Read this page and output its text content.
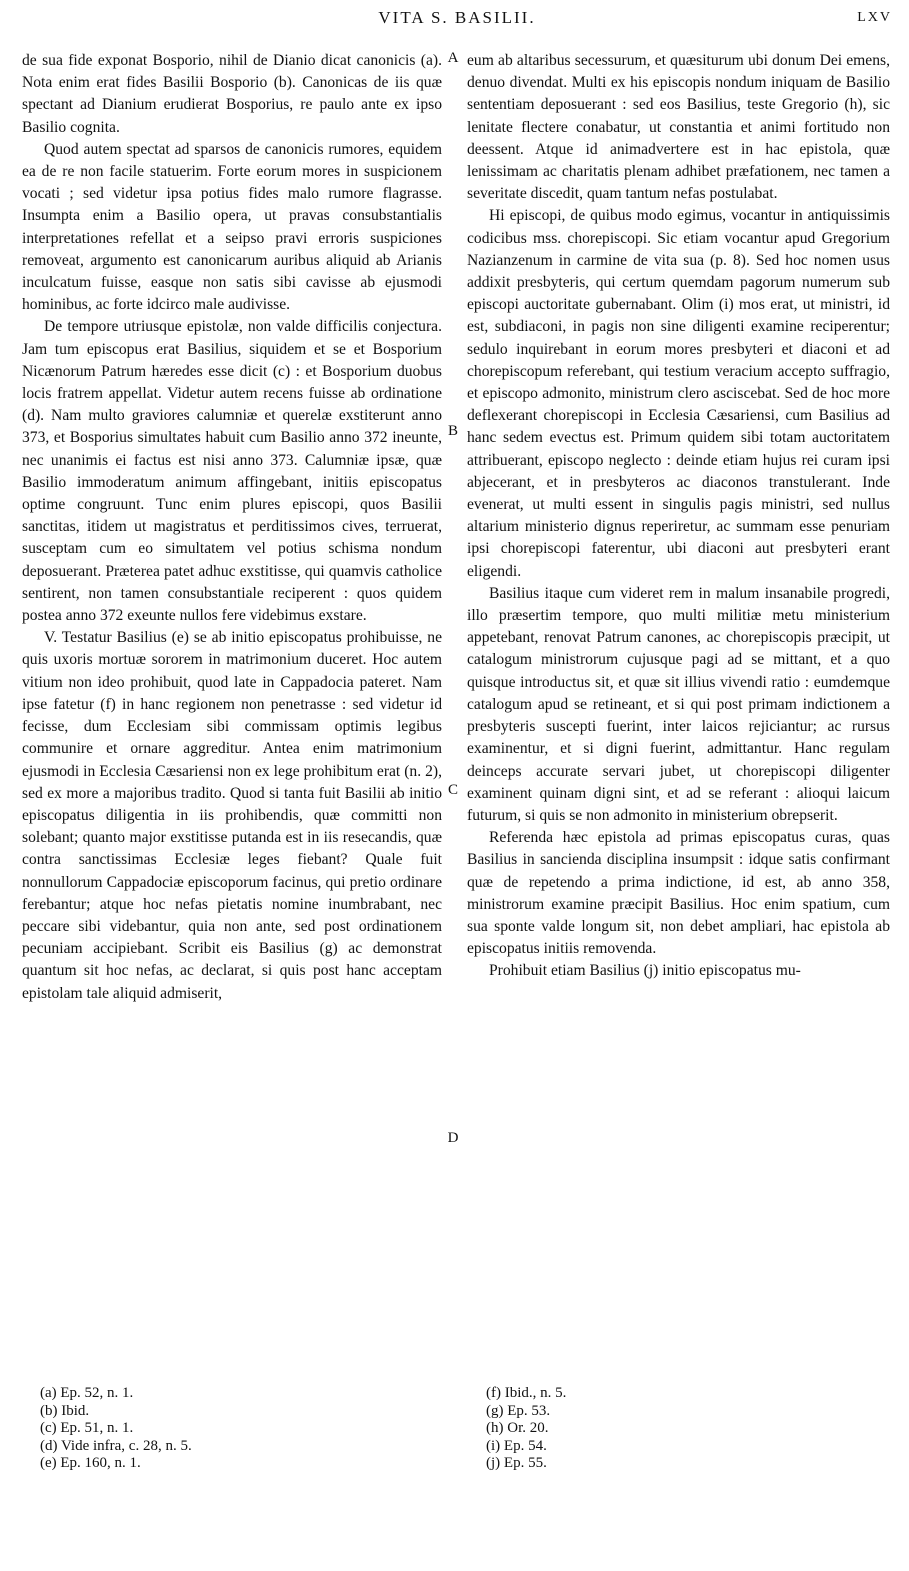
VITA S. BASILII.	LXV

de sua fide exponat Bosporio, nihil de Dianio dicat canonicis (a). Nota enim erat fides Basilii Bosporio (b). Canonicas de iis quæ spectant ad Dianium erudierat Bosporius, re paulo ante ex ipso Basilio cognita.

Quod autem spectat ad sparsos de canonicis rumores, equidem ea de re non facile statuerim. Forte eorum mores in suspicionem vocati ; sed videtur ipsa potius fides malo rumore flagrasse. Insumpta enim a Basilio opera, ut pravas consubstantialis interpretationes refellat et a seipso pravi erroris suspiciones removeat, argumento est canonicarum auribus aliquid ab Arianis inculcatum fuisse, easque non satis sibi cavisse ab ejusmodi hominibus, ac forte idcirco male audivisse.

De tempore utriusque epistolæ, non valde difficilis conjectura. Jam tum episcopus erat Basilius, siquidem et se et Bosporium Nicænorum Patrum hæredes esse dicit (c) : et Bosporium duobus locis fratrem appellat. Videtur autem recens fuisse ab ordinatione (d). Nam multo graviores calumniæ et querelæ exstiterunt anno 373, et Bosporius simultates habuit cum Basilio anno 372 ineunte, nec unanimis ei factus est nisi anno 373. Calumniæ ipsæ, quæ Basilio immoderatum animum affingebant, initiis episcopatus optime congruunt. Tunc enim plures episcopi, quos Basilii sanctitas, itidem ut magistratus et perditissimos cives, terruerat, susceptam cum eo simultatem vel potius schisma nondum deposuerant. Præterea patet adhuc exstitisse, qui quamvis catholice sentirent, non tamen consubstantiale reciperent : quos quidem postea anno 372 exeunte nullos fere videbimus exstare.

V. Testatur Basilius (e) se ab initio episcopatus prohibuisse, ne quis uxoris mortuæ sororem in matrimonium duceret. Hoc autem vitium non ideo prohibuit, quod late in Cappadocia pateret. Nam ipse fatetur (f) in hanc regionem non penetrasse : sed videtur id fecisse, dum Ecclesiam sibi commissam optimis legibus communire et ornare aggreditur. Antea enim matrimonium ejusmodi in Ecclesia Cæsariensi non ex lege prohibitum erat (n. 2), sed ex more a majoribus tradito. Quod si tanta fuit Basilii ab initio episcopatus diligentia in iis prohibendis, quæ committi non solebant; quanto major exstitisse putanda est in iis resecandis, quæ contra sanctissimas Ecclesiæ leges fiebant? Quale fuit nonnullorum Cappadociæ episcoporum facinus, qui pretio ordinare ferebantur; atque hoc nefas pietatis nomine inumbrabant, nec peccare sibi videbantur, quia non ante, sed post ordinationem pecuniam accipiebant. Scribit eis Basilius (g) ac demonstrat quantum sit hoc nefas, ac declarat, si quis post hanc acceptam epistolam tale aliquid admiserit,

A
B
C
D

eum ab altaribus secessurum, et quæsiturum ubi donum Dei emens, denuo divendat. Multi ex his episcopis nondum iniquam de Basilio sententiam deposuerant : sed eos Basilius, teste Gregorio (h), sic lenitate flectere conabatur, ut constantia et animi fortitudo non deessent. Atque id animadvertere est in hac epistola, quæ lenissimam ac charitatis plenam adhibet præfationem, nec tamen a severitate discedit, quam tantum nefas postulabat.

Hi episcopi, de quibus modo egimus, vocantur in antiquissimis codicibus mss. chorepiscopi. Sic etiam vocantur apud Gregorium Nazianzenum in carmine de vita sua (p. 8). Sed hoc nomen usus addixit presbyteris, qui certum quemdam pagorum numerum sub episcopi auctoritate gubernabant. Olim (i) mos erat, ut ministri, id est, subdiaconi, in pagis non sine diligenti examine reciperentur; sedulo inquirebant in eorum mores presbyteri et diaconi et ad chorepiscopum referebant, qui testium veracium accepto suffragio, et episcopo admonito, ministrum clero asciscebat. Sed de hoc more deflexerant chorepiscopi in Ecclesia Cæsariensi, cum Basilius ad hanc sedem evectus est. Primum quidem sibi totam auctoritatem attribuerant, episcopo neglecto : deinde etiam hujus rei curam ipsi abjecerant, et in presbyteros ac diaconos transtulerant. Inde evenerat, ut multi essent in singulis pagis ministri, sed nullus altarium ministerio dignus reperiretur, ac summam esse penuriam ipsi chorepiscopi faterentur, ubi diaconi aut presbyteri erant eligendi.

Basilius itaque cum videret rem in malum insanabile progredi, illo præsertim tempore, quo multi militiæ metu ministerium appetebant, renovat Patrum canones, ac chorepiscopis præcipit, ut catalogum ministrorum cujusque pagi ad se mittant, et a quo quisque introductus sit, et quæ sit illius vivendi ratio : eumdemque catalogum apud se retineant, et si qui post primam indictionem a presbyteris suscepti fuerint, inter laicos rejiciantur; ac rursus examinentur, et si digni fuerint, admittantur. Hanc regulam deinceps accurate servari jubet, ut chorepiscopi diligenter examinent quinam digni sint, et ad se referant : alioqui laicum futurum, si quis se non admonito in ministerium obrepserit.

Referenda hæc epistola ad primas episcopatus curas, quas Basilius in sancienda disciplina insumpsit : idque satis confirmant quæ de repetendo a prima indictione, id est, ab anno 358, ministrorum examine præcipit Basilius. Hoc enim spatium, cum sua sponte valde longum sit, non debet ampliari, hac epistola ab episcopatus initiis removenda.

Prohibuit etiam Basilius (j) initio episcopatus mu-

(a) Ep. 52, n. 1.
(b) Ibid.
(c) Ep. 51, n. 1.
(d) Vide infra, c. 28, n. 5.
(e) Ep. 160, n. 1.
(f) Ibid., n. 5.
(g) Ep. 53.
(h) Or. 20.
(i) Ep. 54.
(j) Ep. 55.
